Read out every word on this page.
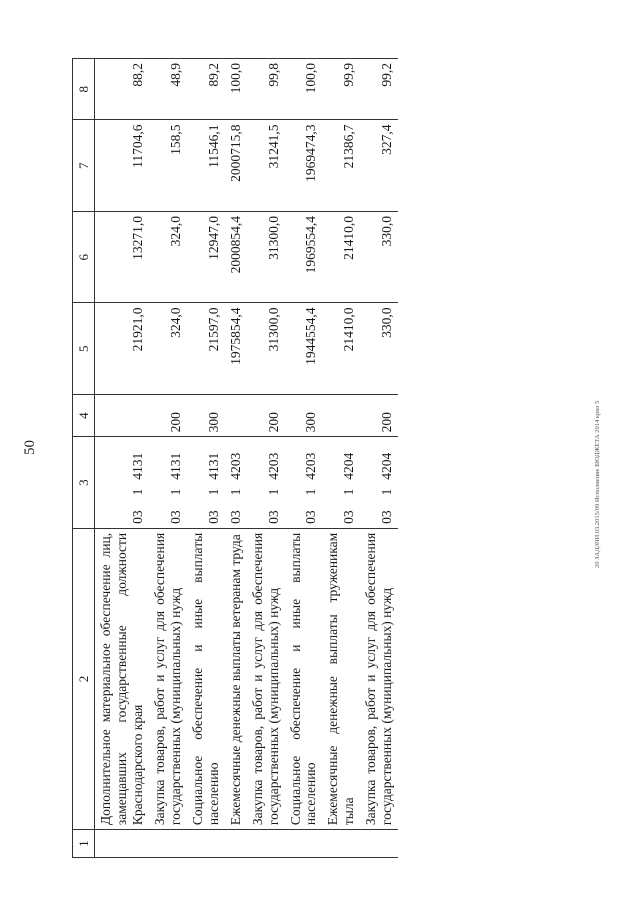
50	20 ЗАДАЧИ 03.2015/09 Исполнение БЮДЖЕТА 2014 криз 5
1	2	3			4	5	6	7	8
	Дополнительное материальное обеспечение лиц, замещавших государственные должности Краснодарского края	03	1	4131		21921,0	13271,0	11704,6	88,2
	Закупка товаров, работ и услуг для обеспечения государственных (муниципальных) нужд	03	1	4131	200	324,0	324,0	158,5	48,9
	Социальное обеспечение и иные выплаты населению	03	1	4131	300	21597,0	12947,0	11546,1	89,2
	Ежемесячные денежные выплаты ветеранам труда	03	1	4203		1975854,4	2000854,4	2000715,8	100,0
	Закупка товаров, работ и услуг для обеспечения государственных (муниципальных) нужд	03	1	4203	200	31300,0	31300,0	31241,5	99,8
	Социальное обеспечение и иные выплаты населению	03	1	4203	300	1944554,4	1969554,4	1969474,3	100,0
	Ежемесячные денежные выплаты труженикам тыла	03	1	4204		21410,0	21410,0	21386,7	99,9
	Закупка товаров, работ и услуг для обеспечения государственных (муниципальных) нужд	03	1	4204	200	330,0	330,0	327,4	99,2
